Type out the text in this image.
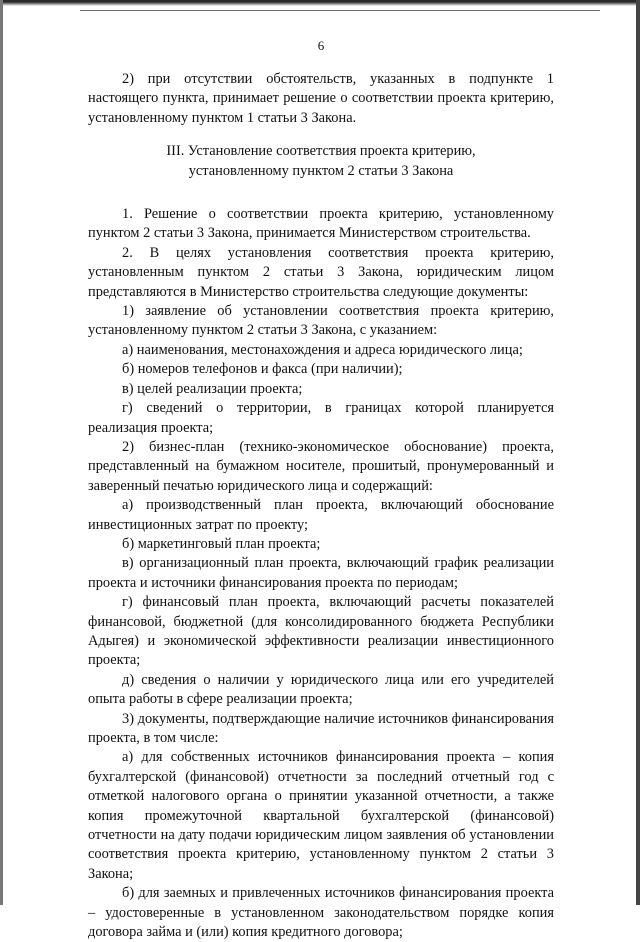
6

2) при отсутствии обстоятельств, указанных в подпункте 1 настоящего пункта, принимает решение о соответствии проекта критерию, установленному пунктом 1 статьи 3 Закона.

III. Установление соответствия проекта критерию,
установленному пунктом 2 статьи 3 Закона

1. Решение о соответствии проекта критерию, установленному пунктом 2 статьи 3 Закона, принимается Министерством строительства.

2. В целях установления соответствия проекта критерию, установленным пунктом 2 статьи 3 Закона, юридическим лицом представляются в Министерство строительства следующие документы:

1) заявление об установлении соответствия проекта критерию, установленному пунктом 2 статьи 3 Закона, с указанием:

а) наименования, местонахождения и адреса юридического лица;

б) номеров телефонов и факса (при наличии);

в) целей реализации проекта;

г) сведений о территории, в границах которой планируется реализация проекта;

2) бизнес-план (технико-экономическое обоснование) проекта, представленный на бумажном носителе, прошитый, пронумерованный и заверенный печатью юридического лица и содержащий:

а) производственный план проекта, включающий обоснование инвестиционных затрат по проекту;

б) маркетинговый план проекта;

в) организационный план проекта, включающий график реализации проекта и источники финансирования проекта по периодам;

г) финансовый план проекта, включающий расчеты показателей финансовой, бюджетной (для консолидированного бюджета Республики Адыгея) и экономической эффективности реализации инвестиционного проекта;

д) сведения о наличии у юридического лица или его учредителей опыта работы в сфере реализации проекта;

3) документы, подтверждающие наличие источников финансирования проекта, в том числе:

а) для собственных источников финансирования проекта – копия бухгалтерской (финансовой) отчетности за последний отчетный год с отметкой налогового органа о принятии указанной отчетности, а также копия промежуточной квартальной бухгалтерской (финансовой) отчетности на дату подачи юридическим лицом заявления об установлении соответствия проекта критерию, установленному пунктом 2 статьи 3 Закона;

б) для заемных и привлеченных источников финансирования проекта – удостоверенные в установленном законодательством порядке копия договора займа и (или) копия кредитного договора;
